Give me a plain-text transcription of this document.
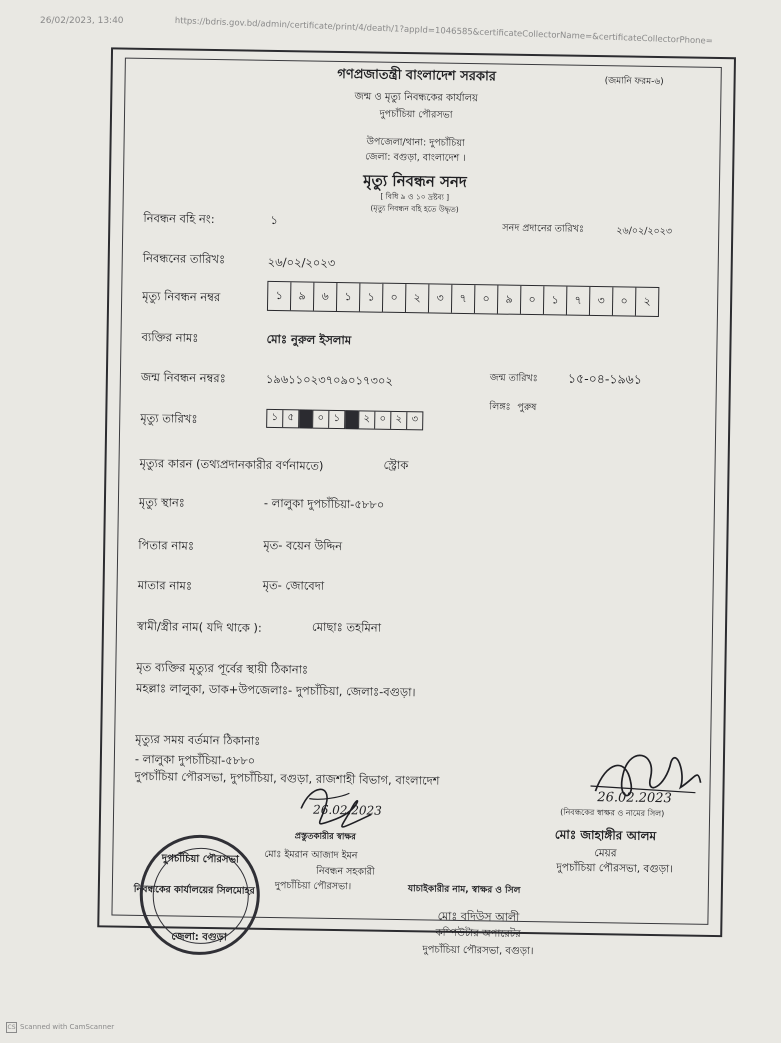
26/02/2023, 13:40	https://bdris.gov.bd/admin/certificate/print/4/death/1?appId=1046585&certificateCollectorName=&certificateCollectorPhone=
গণপ্রজাতন্ত্রী বাংলাদেশ সরকার	(জমানি ফরম-৬)
জন্ম ও মৃত্যু নিবন্ধকের কার্যালয়
দুপচাঁচিয়া পৌরসভা
উপজেলা/থানা: দুপচাঁচিয়া
জেলা: বগুড়া, বাংলাদেশ ।
মৃত্যু নিবন্ধন সনদ
[ বিধি ৯ ও ১০ দ্রষ্টব্য ]
(মৃত্যু নিবন্ধন বহি হতে উদ্ধৃত)
নিবন্ধন বহি নং:	১
সনদ প্রদানের তারিখঃ	২৬/০২/২০২৩
নিবন্ধনের তারিখঃ	২৬/০২/২০২৩
মৃত্যু নিবন্ধন নম্বর	১	৯	৬	১	১	০	২	৩	৭	০	৯	০	১	৭	৩	০	২
ব্যক্তির নামঃ	মোঃ নুরুল ইসলাম
জন্ম নিবন্ধন নম্বরঃ	১৯৬১১০২৩৭০৯০১৭৩০২	জন্ম তারিখঃ ১৫-০৪-১৯৬১
লিঙ্গঃ পুরুষ
মৃত্যু তারিখঃ	১ ৫	০ ১	২ ০ ২ ৩
মৃত্যুর কারন (তথ্যপ্রদানকারীর বর্ণনামতে)	স্ট্রোক
মৃত্যু স্থানঃ	- লালুকা দুপচাঁচিয়া-৫৮৮০
পিতার নামঃ	মৃত- বয়েন উদ্দিন
মাতার নামঃ	মৃত- জোবেদা
স্বামী/স্ত্রীর নাম( যদি থাকে ):	মোছাঃ তহমিনা
মৃত ব্যক্তির মৃত্যুর পূর্বের স্থায়ী ঠিকানাঃ
মহল্লাঃ লালুকা, ডাক+উপজেলাঃ- দুপচাঁচিয়া, জেলাঃ-বগুড়া।
মৃত্যুর সময় বর্তমান ঠিকানাঃ
- লালুকা দুপচাঁচিয়া-৫৮৮০
দুপচাঁচিয়া পৌরসভা, দুপচাঁচিয়া, বগুড়া, রাজশাহী বিভাগ, বাংলাদেশ
26.02.2023
26.02.2023
(নিবন্ধকের স্বাক্ষর ও নামের সিল)
মোঃ জাহাঙ্গীর আলম
মেয়র
দুপচাঁচিয়া পৌরসভা, বগুড়া।
প্রস্তুতকারীর স্বাক্ষর
মোঃ ইমরান আজাদ ইমন
নিবন্ধন সহকারী
দুপচাঁচিয়া পৌরসভা।
নিবন্ধকের কার্যালয়ের সিলমোহর	যাচাইকারীর নাম, স্বাক্ষর ও সিল
দুপচাঁচিয়া পৌরসভা
জেলা: বগুড়া
মোঃ বদিউস আলী
কম্পিউটার অপারেটর
দুপচাঁচিয়া পৌরসভা, বগুড়া।
CS Scanned with CamScanner
